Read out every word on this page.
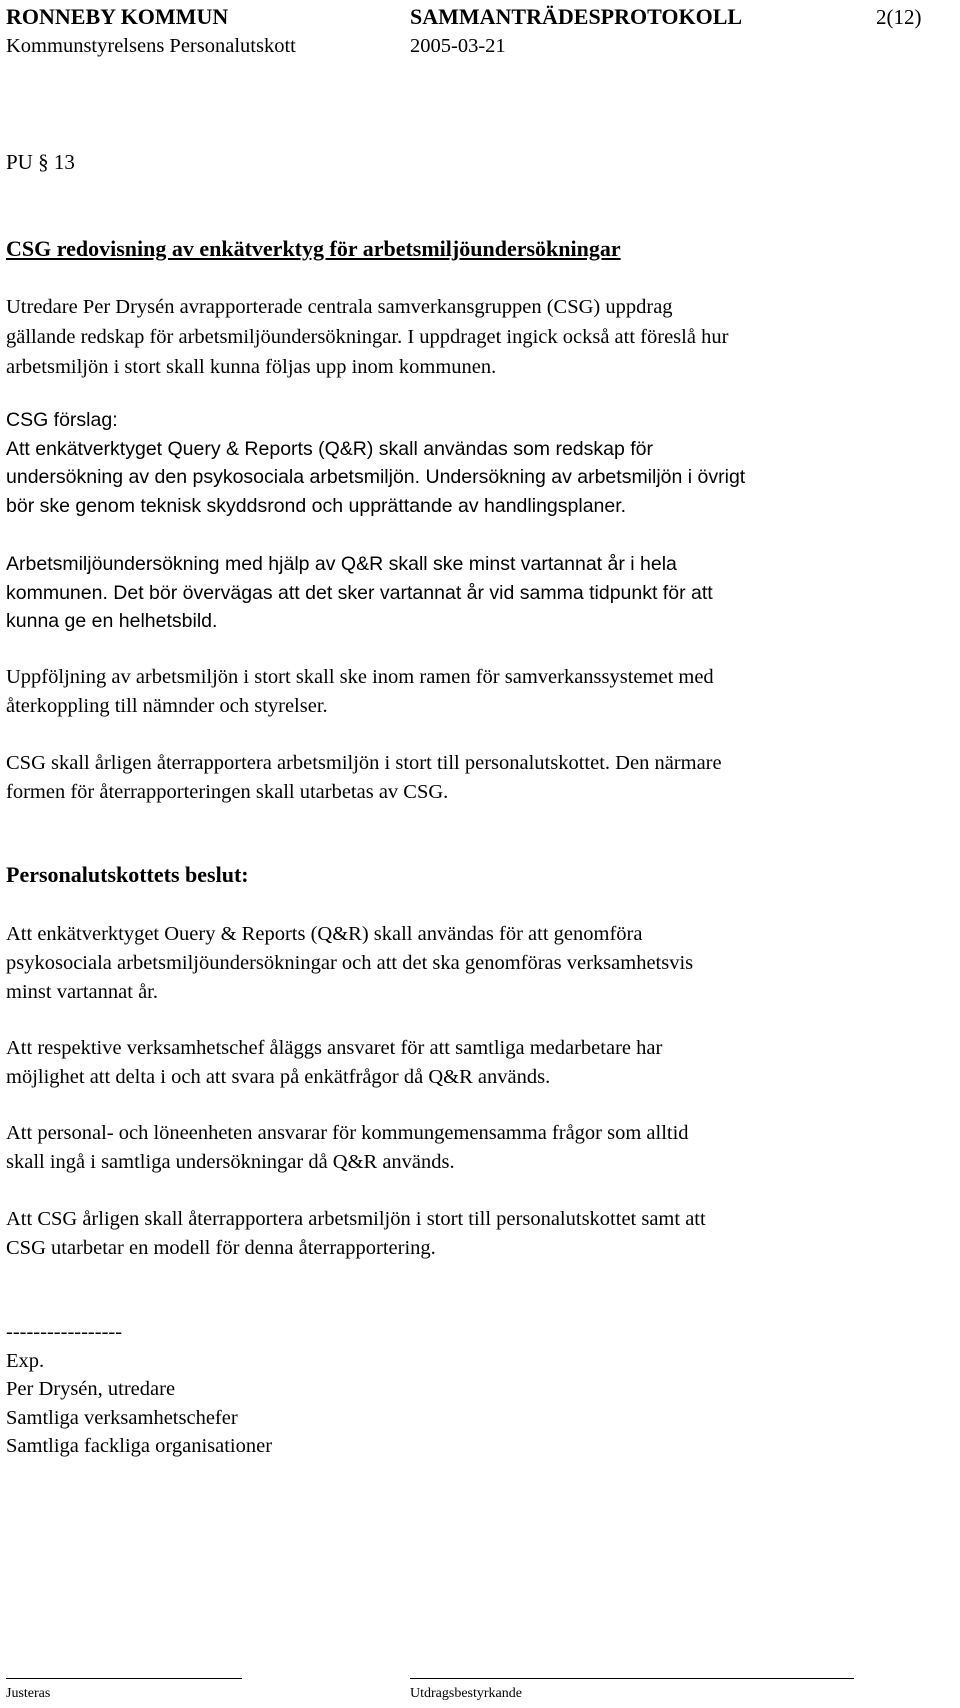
RONNEBY KOMMUN	SAMMANTRÄDESPROTOKOLL	2(12)
Kommunstyrelsens Personalutskott	2005-03-21
PU § 13
CSG redovisning av enkätverktyg för arbetsmiljöundersökningar
Utredare Per Drysén avrapporterade centrala samverkansgruppen (CSG) uppdrag
gällande redskap för arbetsmiljöundersökningar. I uppdraget ingick också att föreslå hur
arbetsmiljön i stort skall kunna följas upp inom kommunen.
CSG förslag:
Att enkätverktyget Query & Reports (Q&R) skall användas som redskap för
undersökning av den psykosociala arbetsmiljön. Undersökning av arbetsmiljön i övrigt
bör ske genom teknisk skyddsrond och upprättande av handlingsplaner.
Arbetsmiljöundersökning med hjälp av Q&R skall ske minst vartannat år i hela
kommunen. Det bör övervägas att det sker vartannat år vid samma tidpunkt för att
kunna ge en helhetsbild.
Uppföljning av arbetsmiljön i stort skall ske inom ramen för samverkanssystemet med
återkoppling till nämnder och styrelser.
CSG skall årligen återrapportera arbetsmiljön i stort till personalutskottet. Den närmare
formen för återrapporteringen skall utarbetas av CSG.
Personalutskottets beslut:
Att enkätverktyget Ouery & Reports (Q&R) skall användas för att genomföra
psykosociala arbetsmiljöundersökningar och att det ska genomföras verksamhetsvis
minst vartannat år.
Att respektive verksamhetschef åläggs ansvaret för att samtliga medarbetare har
möjlighet att delta i och att svara på enkätfrågor då Q&R används.
Att personal- och löneenheten ansvarar för kommungemensamma frågor som alltid
skall ingå i samtliga undersökningar då Q&R används.
Att CSG årligen skall återrapportera arbetsmiljön i stort till personalutskottet samt att
CSG utarbetar en modell för denna återrapportering.
-----------------
Exp.
Per Drysén, utredare
Samtliga verksamhetschefer
Samtliga fackliga organisationer
Justeras	Utdragsbestyrkande
